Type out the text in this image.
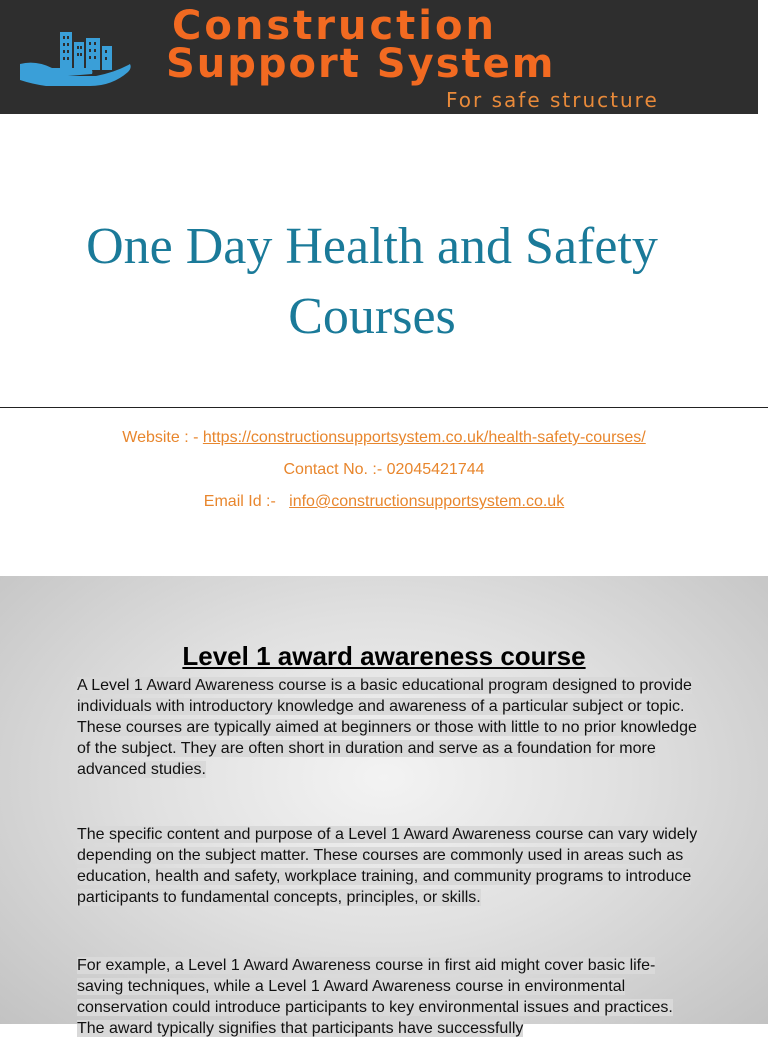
Construction
Support System
For safe structure
One Day Health and Safety
Courses
Website : - https://constructionsupportsystem.co.uk/health-safety-courses/
Contact No. :- 02045421744
Email Id :-   info@constructionsupportsystem.co.uk
Level 1 award awareness course

A Level 1 Award Awareness course is a basic educational program designed to provide individuals with introductory knowledge and awareness of a particular subject or topic. These courses are typically aimed at beginners or those with little to no prior knowledge of the subject. They are often short in duration and serve as a foundation for more advanced studies.

The specific content and purpose of a Level 1 Award Awareness course can vary widely depending on the subject matter. These courses are commonly used in areas such as education, health and safety, workplace training, and community programs to introduce participants to fundamental concepts, principles, or skills.

For example, a Level 1 Award Awareness course in first aid might cover basic life-saving techniques, while a Level 1 Award Awareness course in environmental conservation could introduce participants to key environmental issues and practices. The award typically signifies that participants have successfully
